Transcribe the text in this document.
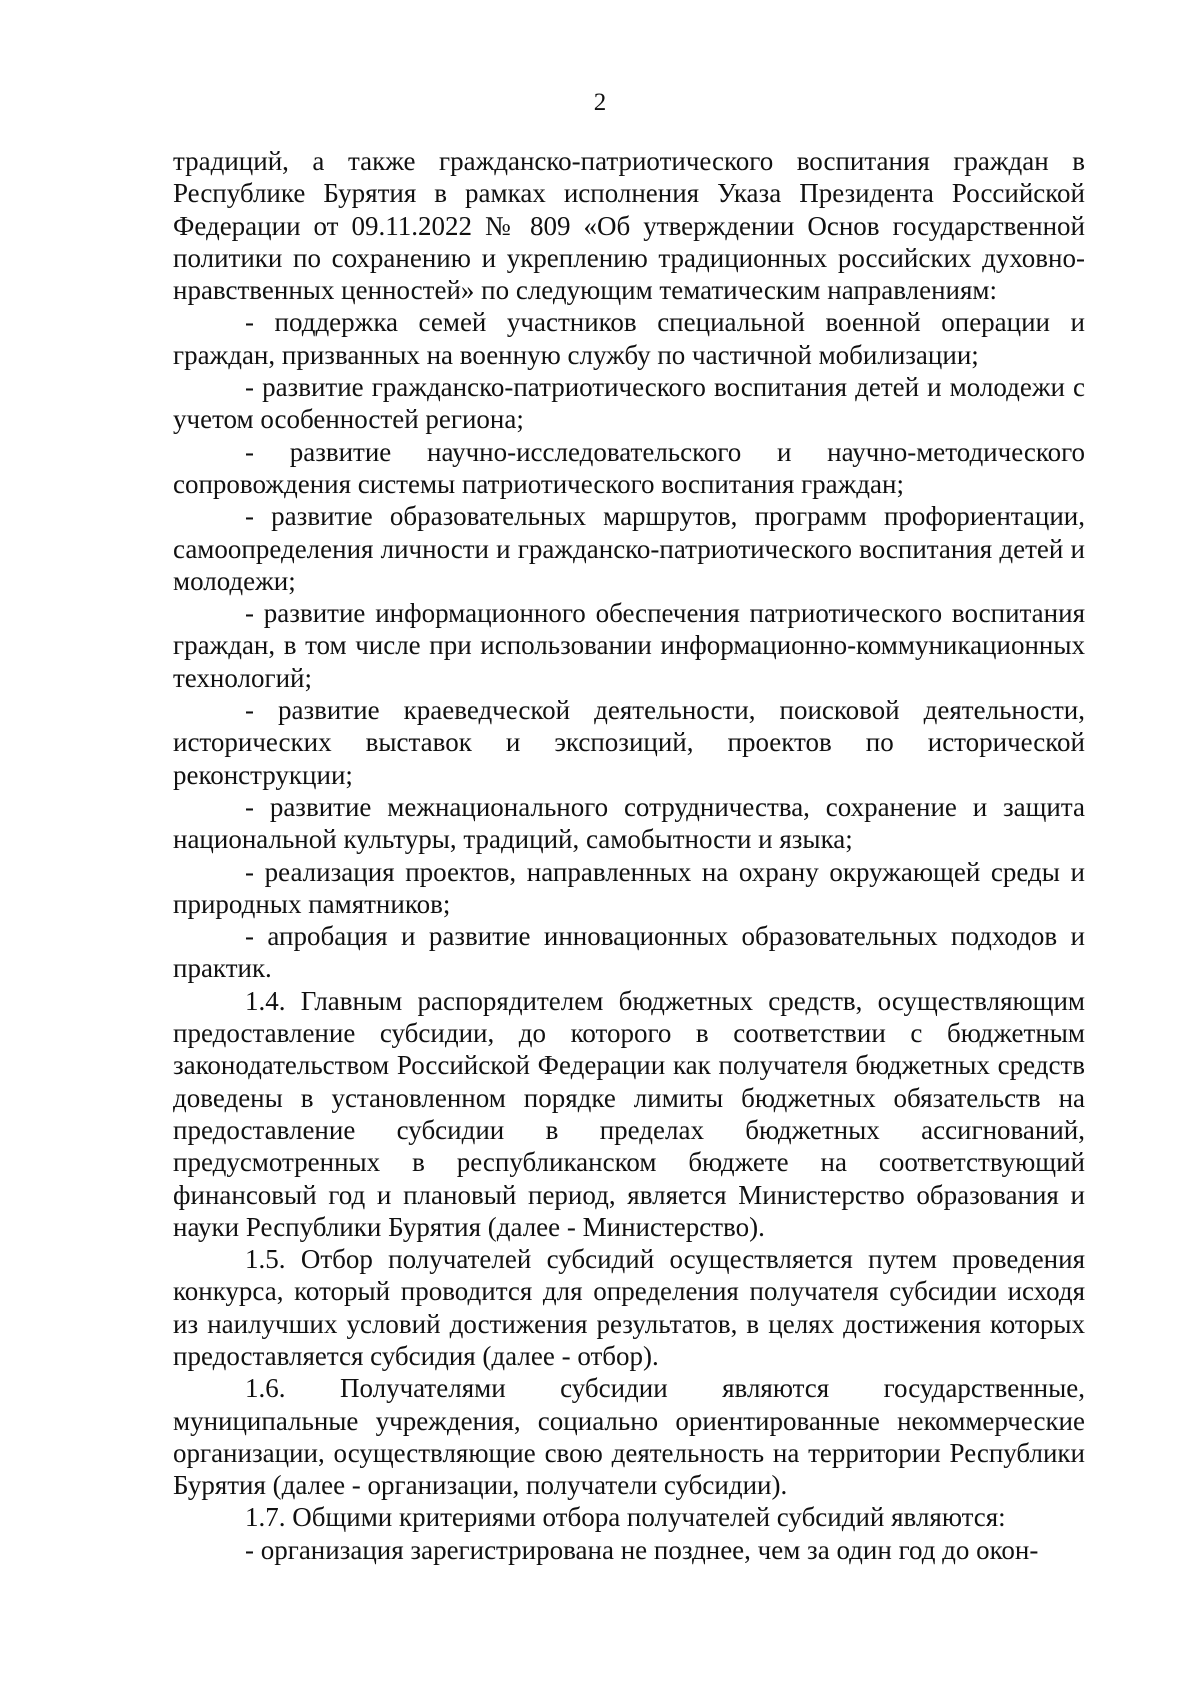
2

традиций, а также гражданско-патриотического воспитания граждан в Республике Бурятия в рамках исполнения Указа Президента Российской Федерации от 09.11.2022 № 809 «Об утверждении Основ государственной политики по сохранению и укреплению традиционных российских духовно-нравственных ценностей» по следующим тематическим направлениям:

- поддержка семей участников специальной военной операции и граждан, призванных на военную службу по частичной мобилизации;

- развитие гражданско-патриотического воспитания детей и молодежи с учетом особенностей региона;

- развитие научно-исследовательского и научно-методического сопровождения системы патриотического воспитания граждан;

- развитие образовательных маршрутов, программ профориентации, самоопределения личности и гражданско-патриотического воспитания детей и молодежи;

- развитие информационного обеспечения патриотического воспитания граждан, в том числе при использовании информационно-коммуникационных технологий;

- развитие краеведческой деятельности, поисковой деятельности, исторических выставок и экспозиций, проектов по исторической реконструкции;

- развитие межнационального сотрудничества, сохранение и защита национальной культуры, традиций, самобытности и языка;

- реализация проектов, направленных на охрану окружающей среды и природных памятников;

- апробация и развитие инновационных образовательных подходов и практик.

1.4. Главным распорядителем бюджетных средств, осуществляющим предоставление субсидии, до которого в соответствии с бюджетным законодательством Российской Федерации как получателя бюджетных средств доведены в установленном порядке лимиты бюджетных обязательств на предоставление субсидии в пределах бюджетных ассигнований, предусмотренных в республиканском бюджете на соответствующий финансовый год и плановый период, является Министерство образования и науки Республики Бурятия (далее - Министерство).

1.5. Отбор получателей субсидий осуществляется путем проведения конкурса, который проводится для определения получателя субсидии исходя из наилучших условий достижения результатов, в целях достижения которых предоставляется субсидия (далее - отбор).

1.6. Получателями субсидии являются государственные, муниципальные учреждения, социально ориентированные некоммерческие организации, осуществляющие свою деятельность на территории Республики Бурятия (далее - организации, получатели субсидии).

1.7. Общими критериями отбора получателей субсидий являются:

- организация зарегистрирована не позднее, чем за один год до окон-
